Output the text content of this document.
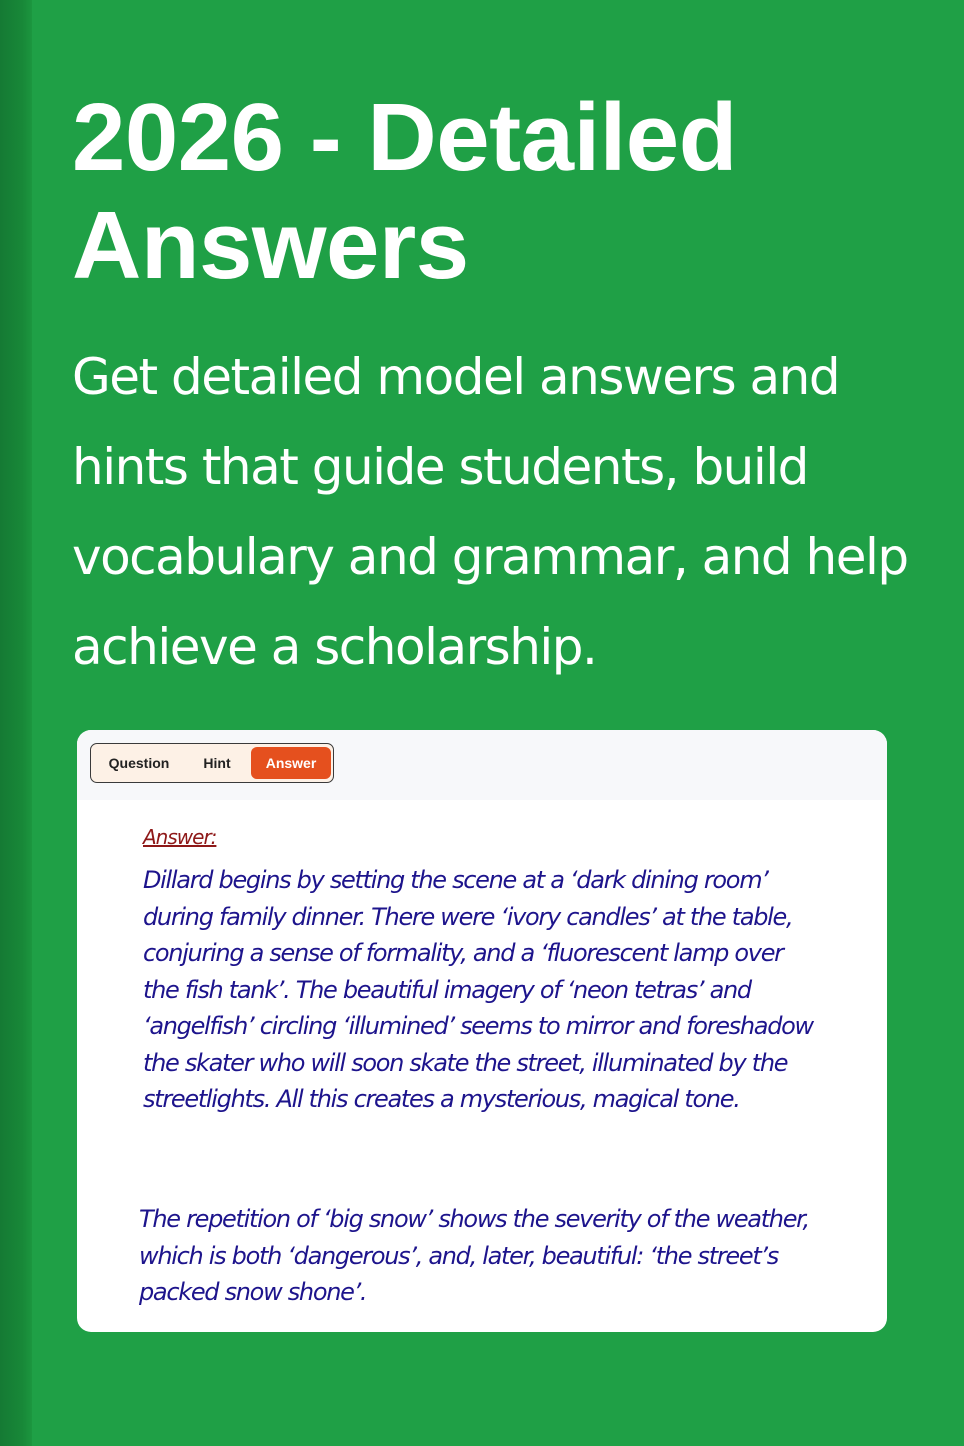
2026 - Detailed Answers

Get detailed model answers and hints that guide students, build vocabulary and grammar, and help achieve a scholarship.

Question	Hint	Answer

Answer:

Dillard begins by setting the scene at a ‘dark dining room’ during family dinner. There were ‘ivory candles’ at the table, conjuring a sense of formality, and a ‘fluorescent lamp over the fish tank’. The beautiful imagery of ‘neon tetras’ and ‘angelfish’ circling ‘illumined’ seems to mirror and foreshadow the skater who will soon skate the street, illuminated by the streetlights. All this creates a mysterious, magical tone.

The repetition of ‘big snow’ shows the severity of the weather, which is both ‘dangerous’, and, later, beautiful: ‘the street’s packed snow shone’.
